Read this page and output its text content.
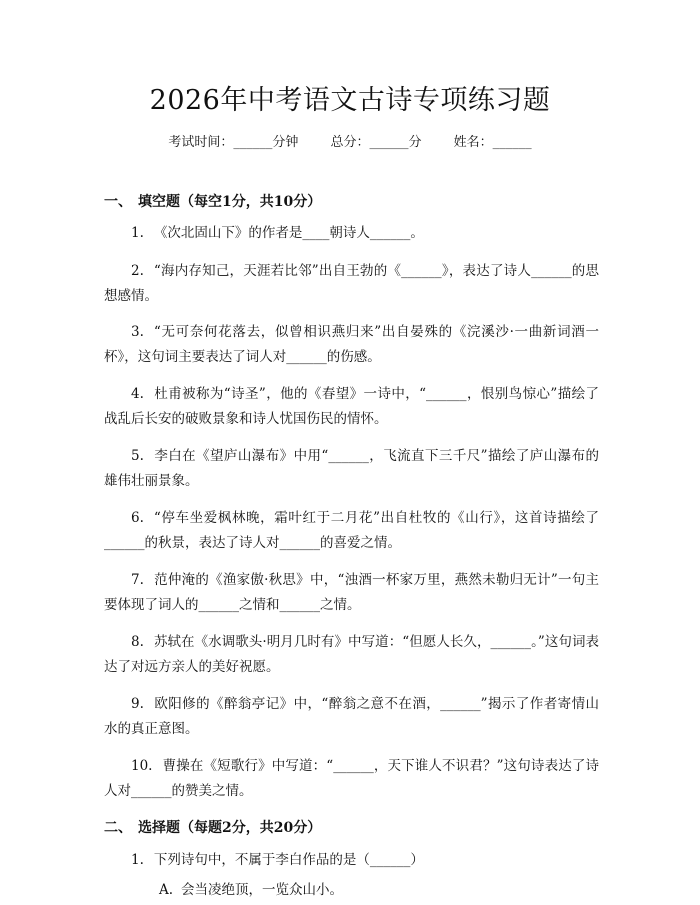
2026年中考语文古诗专项练习题
考试时间：______分钟 总分：______分 姓名：______
一、 填空题（每空1分，共10分）

1. 《次北固山下》的作者是____朝诗人______。

2. “海内存知己，天涯若比邻”出自王勃的《______》，表达了诗人______的思想感情。

3. “无可奈何花落去，似曾相识燕归来”出自晏殊的《浣溪沙·一曲新词酒一杯》，这句词主要表达了词人对______的伤感。

4. 杜甫被称为“诗圣”，他的《春望》一诗中，“______，恨别鸟惊心”描绘了战乱后长安的破败景象和诗人忧国伤民的情怀。

5. 李白在《望庐山瀑布》中用“______，飞流直下三千尺”描绘了庐山瀑布的雄伟壮丽景象。

6. “停车坐爱枫林晚，霜叶红于二月花”出自杜牧的《山行》，这首诗描绘了______的秋景，表达了诗人对______的喜爱之情。

7. 范仲淹的《渔家傲·秋思》中，“浊酒一杯家万里，燕然未勒归无计”一句主要体现了词人的______之情和______之情。

8. 苏轼在《水调歌头·明月几时有》中写道：“但愿人长久，______。”这句词表达了对远方亲人的美好祝愿。

9. 欧阳修的《醉翁亭记》中，“醉翁之意不在酒，______”揭示了作者寄情山水的真正意图。

10. 曹操在《短歌行》中写道：“______，天下谁人不识君？”这句诗表达了诗人对______的赞美之情。

二、 选择题（每题2分，共20分）

1. 下列诗句中，不属于李白作品的是（______）

A. 会当凌绝顶，一览众山小。
